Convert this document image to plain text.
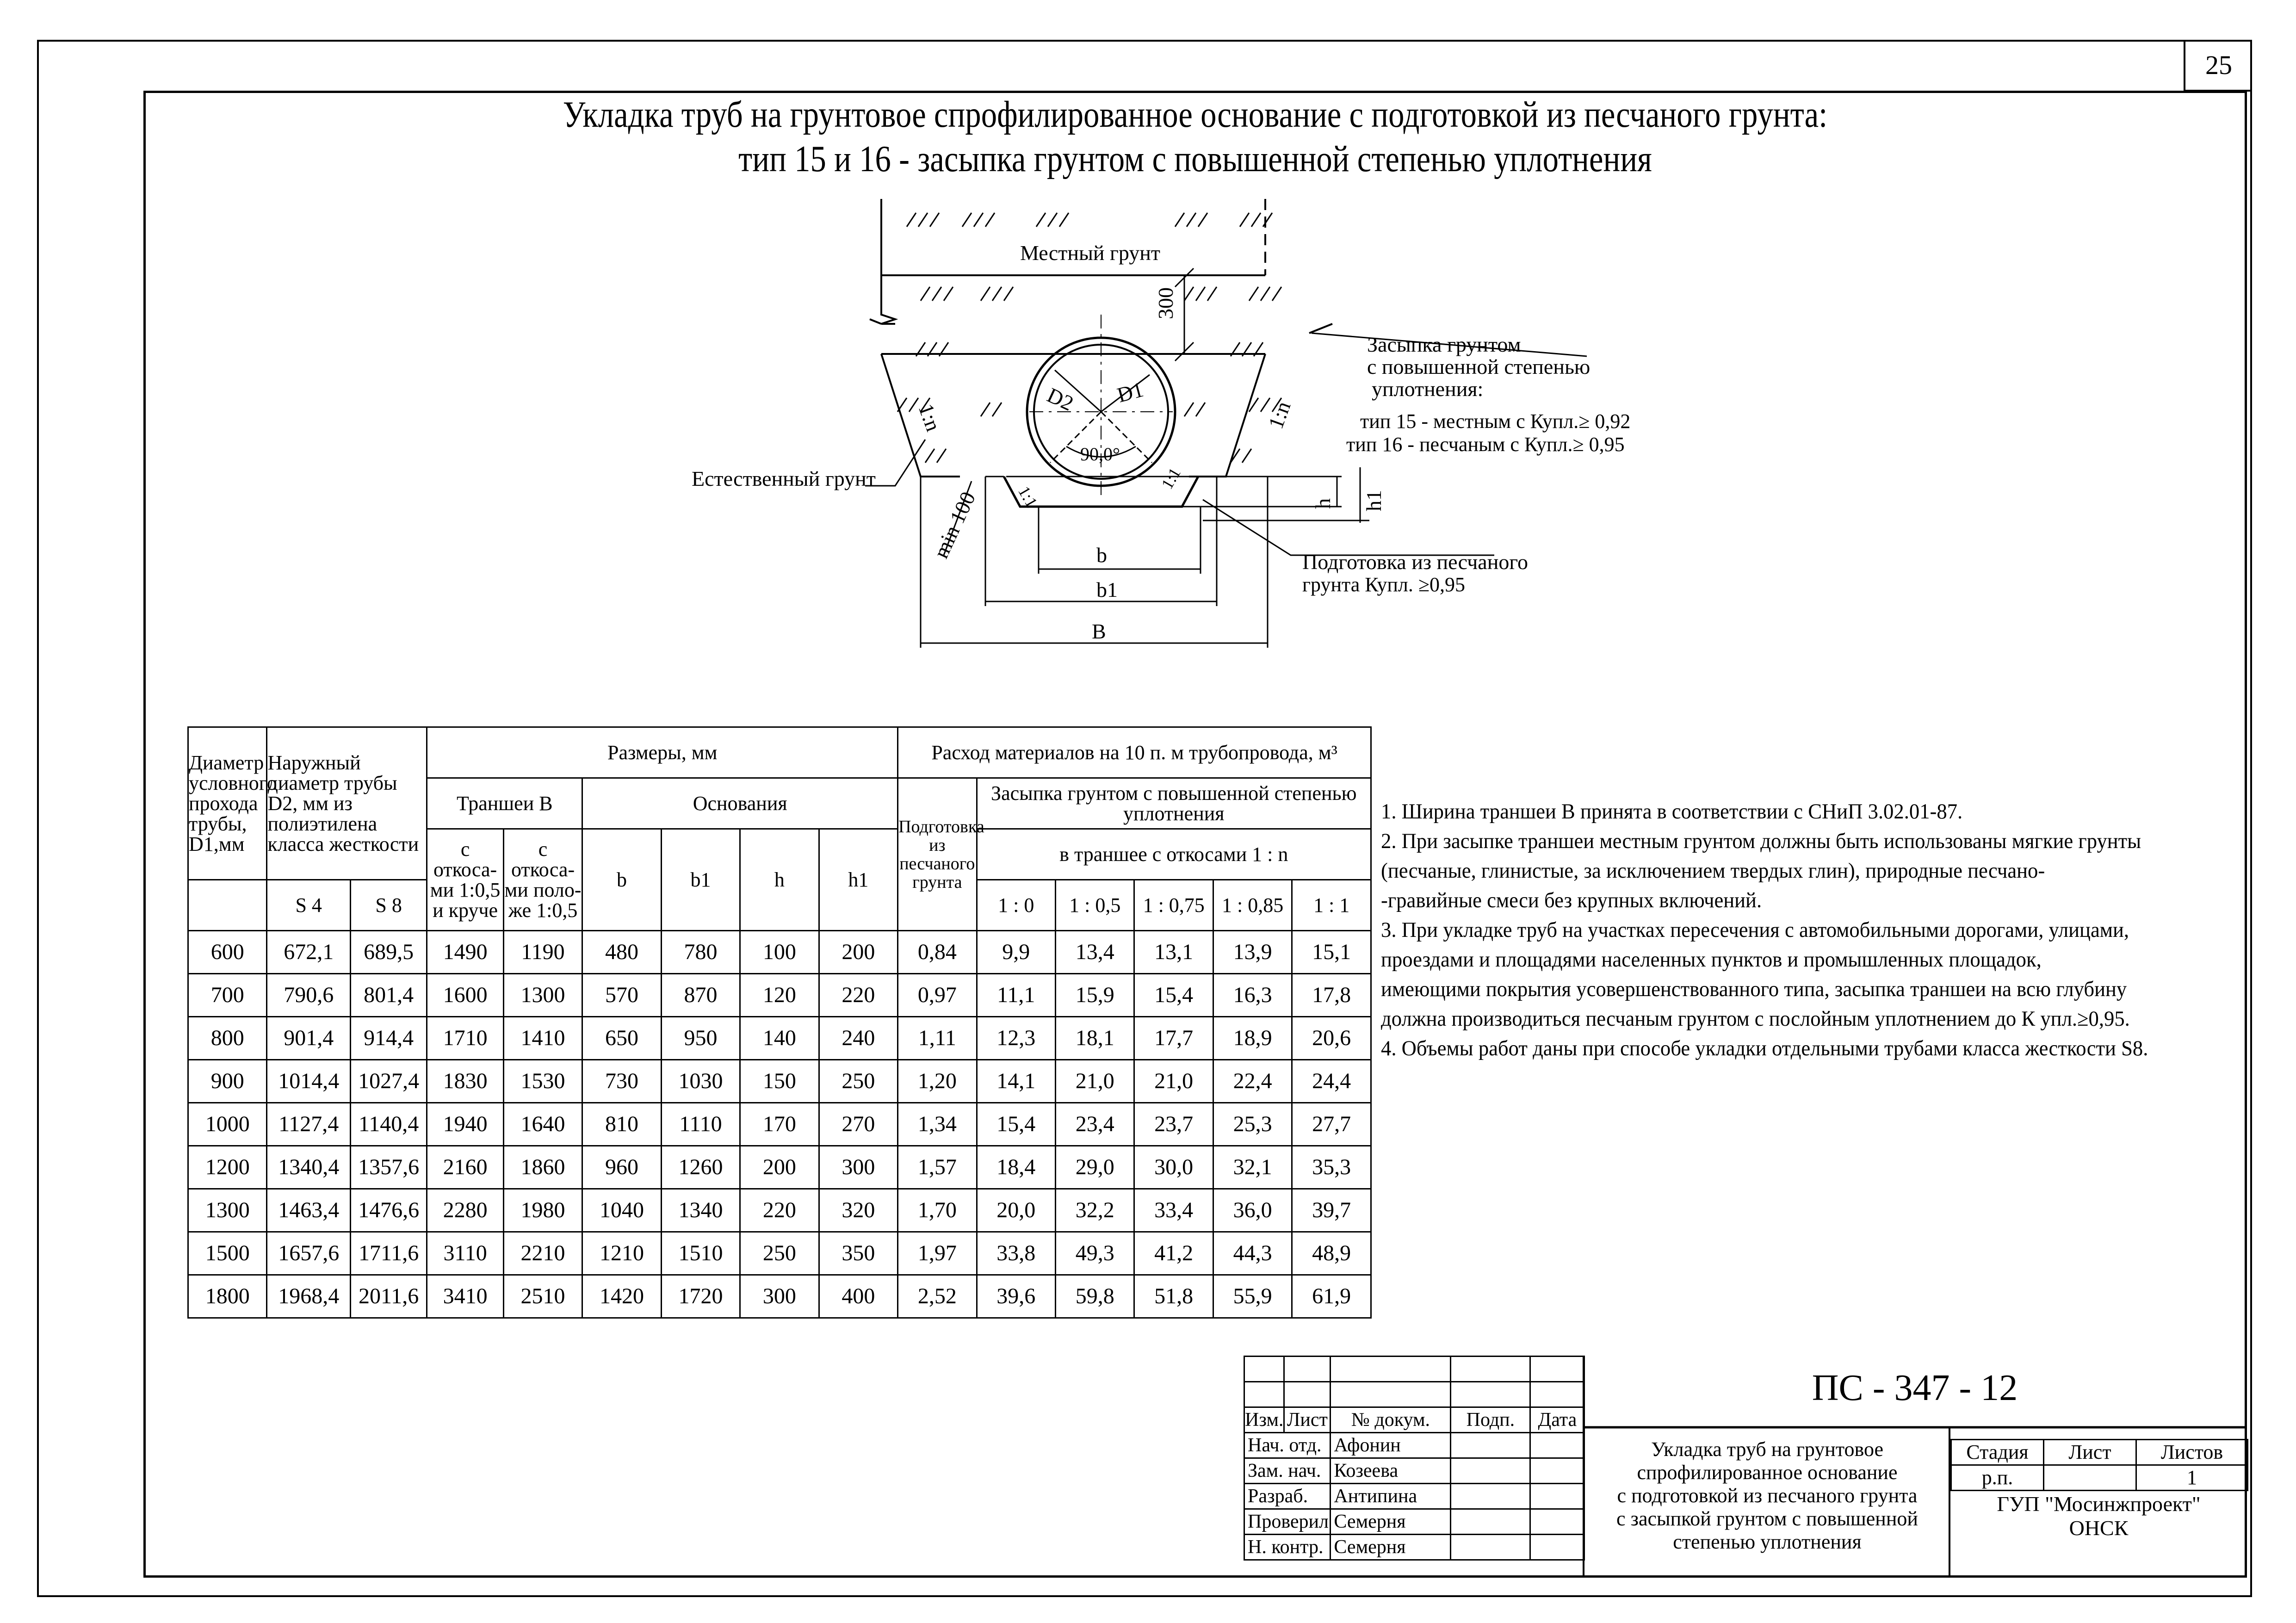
25
Укладка труб на грунтовое спрофилированное основание с подготовкой из песчаного грунта:
тип 15 и 16 - засыпка грунтом с повышенной степенью уплотнения
Местный грунт
300
Засыпка грунтом
с повышенной степенью
уплотнения:
тип 15 - местным с Купл.≥ 0,92
тип 16 - песчаным с Купл.≥ 0,95
Естественный грунт
1:n	1:n
D2 D1
90,0°
1:1
1:1
min 100	h h1
b
b1
B
Подготовка из песчаного
грунта Купл. ≥0,95
Диаметр условного прохода трубы, D1,мм	Наружный диаметр трубы D2, мм из полиэтилена класса жесткости		Размеры, мм						Расход материалов на 10 п. м трубопровода, м³					
			Траншеи В		Основания				Подготовка из песчаного грунта	Засыпка грунтом с повышенной степенью уплотнения				
			с откоса-ми 1:0,5 и круче	с откоса-ми поло-же 1:0,5	b	b1	h	h1		в траншее с откосами 1 : n				
	S 4	S 8								1 : 0	1 : 0,5	1 : 0,75	1 : 0,85	1 : 1
600	672,1	689,5	1490	1190	480	780	100	200	0,84	9,9	13,4	13,1	13,9	15,1
700	790,6	801,4	1600	1300	570	870	120	220	0,97	11,1	15,9	15,4	16,3	17,8
800	901,4	914,4	1710	1410	650	950	140	240	1,11	12,3	18,1	17,7	18,9	20,6
900	1014,4	1027,4	1830	1530	730	1030	150	250	1,20	14,1	21,0	21,0	22,4	24,4
1000	1127,4	1140,4	1940	1640	810	1110	170	270	1,34	15,4	23,4	23,7	25,3	27,7
1200	1340,4	1357,6	2160	1860	960	1260	200	300	1,57	18,4	29,0	30,0	32,1	35,3
1300	1463,4	1476,6	2280	1980	1040	1340	220	320	1,70	20,0	32,2	33,4	36,0	39,7
1500	1657,6	1711,6	3110	2210	1210	1510	250	350	1,97	33,8	49,3	41,2	44,3	48,9
1800	1968,4	2011,6	3410	2510	1420	1720	300	400	2,52	39,6	59,8	51,8	55,9	61,9
1. Ширина траншеи В принята в соответствии с СНиП 3.02.01-87.
2. При засыпке траншеи местным грунтом должны быть использованы мягкие грунты
(песчаные, глинистые, за исключением твердых глин), природные песчано-
-гравийные смеси без крупных включений.
3. При укладке труб на участках пересечения с автомобильными дорогами, улицами,
проездами и площадями населенных пунктов и промышленных площадок,
имеющими покрытия усовершенствованного типа, засыпка траншеи на всю глубину
должна производиться песчаным грунтом с послойным уплотнением до К упл.≥0,95.
4. Объемы работ даны при способе укладки отдельными трубами класса жесткости S8.

Изм.	Лист	№ докум.	Подп.	Дата
Нач. отд.		Афонин		
Зам. нач.		Козеева		
Разраб.		Антипина		
Проверил		Семерня		
Н. контр.		Семерня		
ПС - 347 - 12
Укладка труб на грунтовое
спрофилированное основание
с подготовкой из песчаного грунта
с засыпкой грунтом с повышенной
степенью уплотнения
Стадия	Лист	Листов
р.п.		1
ГУП "Мосинжпроект"
ОНСК
